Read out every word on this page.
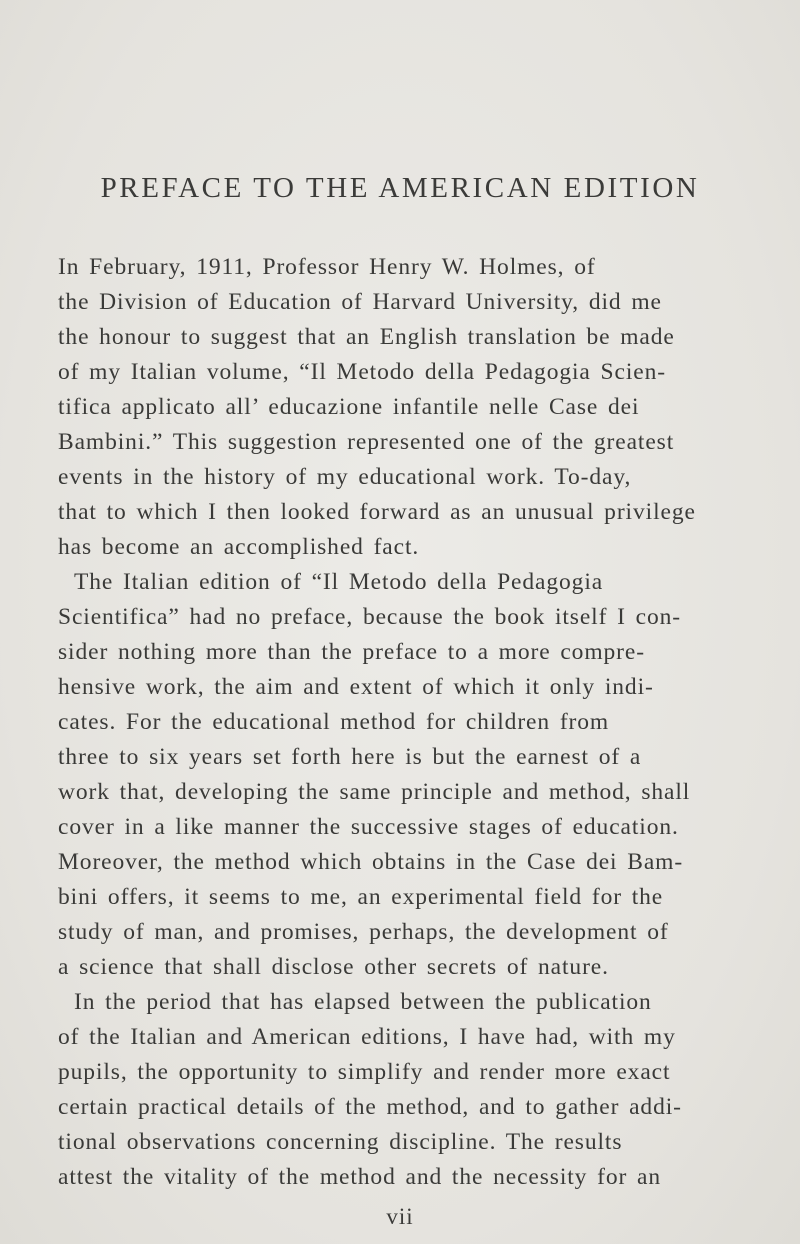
PREFACE TO THE AMERICAN EDITION
In February, 1911, Professor Henry W. Holmes, of
the Division of Education of Harvard University, did me
the honour to suggest that an English translation be made
of my Italian volume, “Il Metodo della Pedagogia Scien-
tifica applicato all’ educazione infantile nelle Case dei
Bambini.” This suggestion represented one of the greatest
events in the history of my educational work. To-day,
that to which I then looked forward as an unusual privilege
has become an accomplished fact.
The Italian edition of “Il Metodo della Pedagogia
Scientifica” had no preface, because the book itself I con-
sider nothing more than the preface to a more compre-
hensive work, the aim and extent of which it only indi-
cates. For the educational method for children from
three to six years set forth here is but the earnest of a
work that, developing the same principle and method, shall
cover in a like manner the successive stages of education.
Moreover, the method which obtains in the Case dei Bam-
bini offers, it seems to me, an experimental field for the
study of man, and promises, perhaps, the development of
a science that shall disclose other secrets of nature.
In the period that has elapsed between the publication
of the Italian and American editions, I have had, with my
pupils, the opportunity to simplify and render more exact
certain practical details of the method, and to gather addi-
tional observations concerning discipline. The results
attest the vitality of the method and the necessity for an
vii
